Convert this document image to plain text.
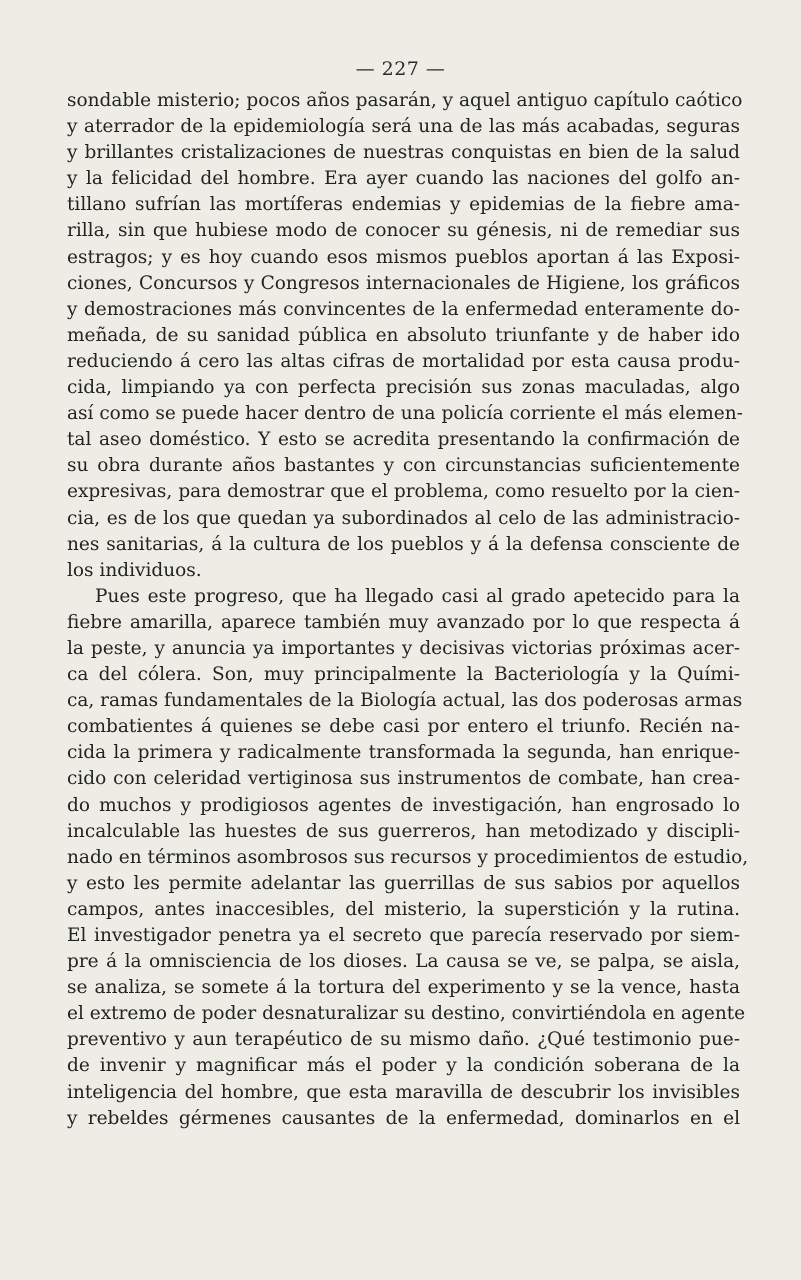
— 227 —
sondable misterio; pocos años pasarán, y aquel antiguo capítulo caótico
y aterrador de la epidemiología será una de las más acabadas, seguras
y brillantes cristalizaciones de nuestras conquistas en bien de la salud
y la felicidad del hombre. Era ayer cuando las naciones del golfo an-
tillano sufrían las mortíferas endemias y epidemias de la fiebre ama-
rilla, sin que hubiese modo de conocer su génesis, ni de remediar sus
estragos; y es hoy cuando esos mismos pueblos aportan á las Exposi-
ciones, Concursos y Congresos internacionales de Higiene, los gráficos
y demostraciones más convincentes de la enfermedad enteramente do-
meñada, de su sanidad pública en absoluto triunfante y de haber ido
reduciendo á cero las altas cifras de mortalidad por esta causa produ-
cida, limpiando ya con perfecta precisión sus zonas maculadas, algo
así como se puede hacer dentro de una policía corriente el más elemen-
tal aseo doméstico. Y esto se acredita presentando la confirmación de
su obra durante años bastantes y con circunstancias suficientemente
expresivas, para demostrar que el problema, como resuelto por la cien-
cia, es de los que quedan ya subordinados al celo de las administracio-
nes sanitarias, á la cultura de los pueblos y á la defensa consciente de
los individuos.
Pues este progreso, que ha llegado casi al grado apetecido para la
fiebre amarilla, aparece también muy avanzado por lo que respecta á
la peste, y anuncia ya importantes y decisivas victorias próximas acer-
ca del cólera. Son, muy principalmente la Bacteriología y la Quími-
ca, ramas fundamentales de la Biología actual, las dos poderosas armas
combatientes á quienes se debe casi por entero el triunfo. Recién na-
cida la primera y radicalmente transformada la segunda, han enrique-
cido con celeridad vertiginosa sus instrumentos de combate, han crea-
do muchos y prodigiosos agentes de investigación, han engrosado lo
incalculable las huestes de sus guerreros, han metodizado y discipli-
nado en términos asombrosos sus recursos y procedimientos de estudio,
y esto les permite adelantar las guerrillas de sus sabios por aquellos
campos, antes inaccesibles, del misterio, la superstición y la rutina.
El investigador penetra ya el secreto que parecía reservado por siem-
pre á la omnisciencia de los dioses. La causa se ve, se palpa, se aisla,
se analiza, se somete á la tortura del experimento y se la vence, hasta
el extremo de poder desnaturalizar su destino, convirtiéndola en agente
preventivo y aun terapéutico de su mismo daño. ¿Qué testimonio pue-
de invenir y magnificar más el poder y la condición soberana de la
inteligencia del hombre, que esta maravilla de descubrir los invisibles
y rebeldes gérmenes causantes de la enfermedad, dominarlos en el
